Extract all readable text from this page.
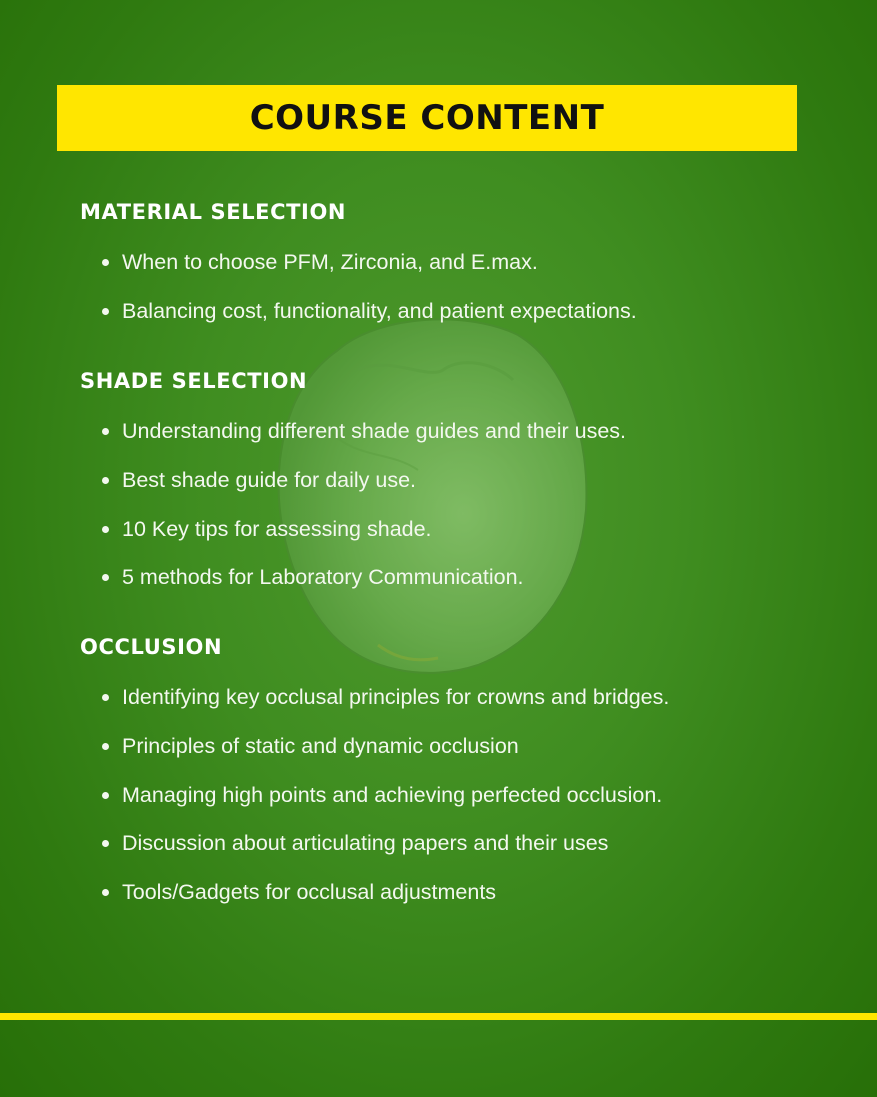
COURSE CONTENT
MATERIAL SELECTION
When to choose PFM, Zirconia, and E.max.
Balancing cost, functionality, and patient expectations.
SHADE SELECTION
Understanding different shade guides and their uses.
Best shade guide for daily use.
10 Key tips for assessing shade.
5 methods for Laboratory Communication.
OCCLUSION
Identifying key occlusal principles for crowns and bridges.
Principles of static and dynamic occlusion
Managing high points and achieving perfected occlusion.
Discussion about articulating papers and their uses
Tools/Gadgets for occlusal adjustments
